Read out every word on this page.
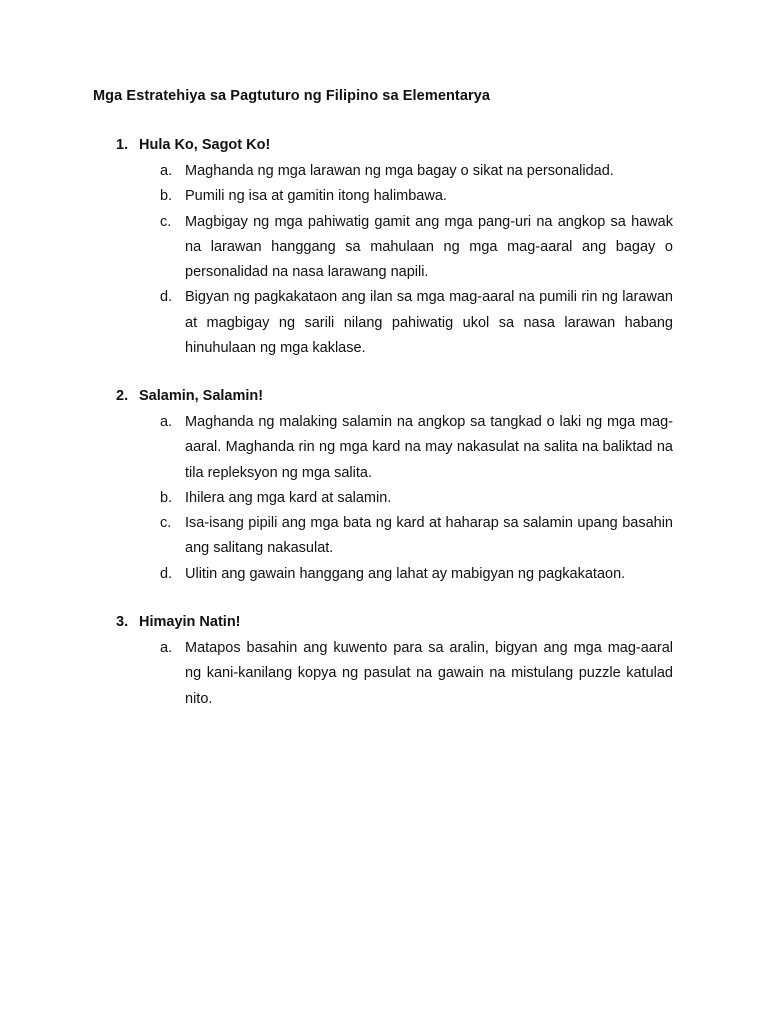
Mga Estratehiya sa Pagtuturo ng Filipino sa Elementarya
1. Hula Ko, Sagot Ko!
a. Maghanda ng mga larawan ng mga bagay o sikat na personalidad.
b. Pumili ng isa at gamitin itong halimbawa.
c. Magbigay ng mga pahiwatig gamit ang mga pang-uri na angkop sa hawak na larawan hanggang sa mahulaan ng mga mag-aaral ang bagay o personalidad na nasa larawang napili.
d. Bigyan ng pagkakataon ang ilan sa mga mag-aaral na pumili rin ng larawan at magbigay ng sarili nilang pahiwatig ukol sa nasa larawan habang hinuhulaan ng mga kaklase.
2. Salamin, Salamin!
a. Maghanda ng malaking salamin na angkop sa tangkad o laki ng mga mag-aaral. Maghanda rin ng mga kard na may nakasulat na salita na baliktad na tila repleksyon ng mga salita.
b. Ihilera ang mga kard at salamin.
c. Isa-isang pipili ang mga bata ng kard at haharap sa salamin upang basahin ang salitang nakasulat.
d. Ulitin ang gawain hanggang ang lahat ay mabigyan ng pagkakataon.
3. Himayin Natin!
a. Matapos basahin ang kuwento para sa aralin, bigyan ang mga mag-aaral ng kani-kanilang kopya ng pasulat na gawain na mistulang puzzle katulad nito.
